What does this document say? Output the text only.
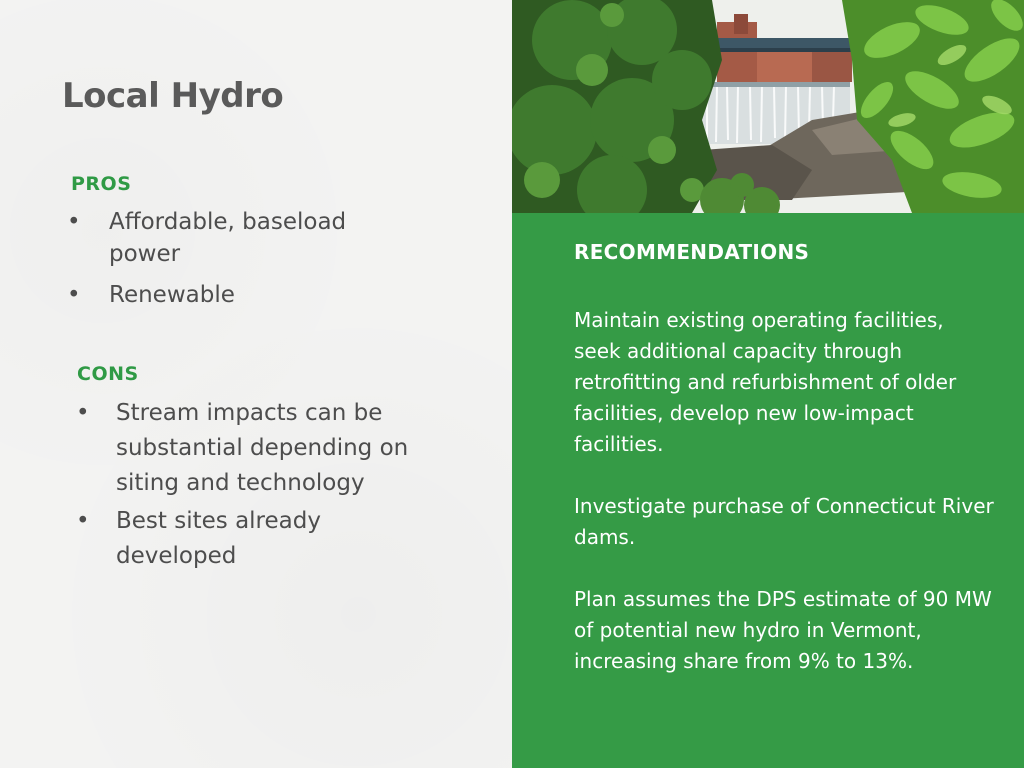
Local Hydro
PROS
• Affordable, baseload power
• Renewable
CONS
• Stream impacts can be substantial depending on siting and technology
• Best sites already developed
RECOMMENDATIONS

Maintain existing operating facilities, seek additional capacity through retrofitting and refurbishment of older facilities, develop new low-impact facilities.

Investigate purchase of Connecticut River dams.

Plan assumes the DPS estimate of 90 MW of potential new hydro in Vermont, increasing share from 9% to 13%.
